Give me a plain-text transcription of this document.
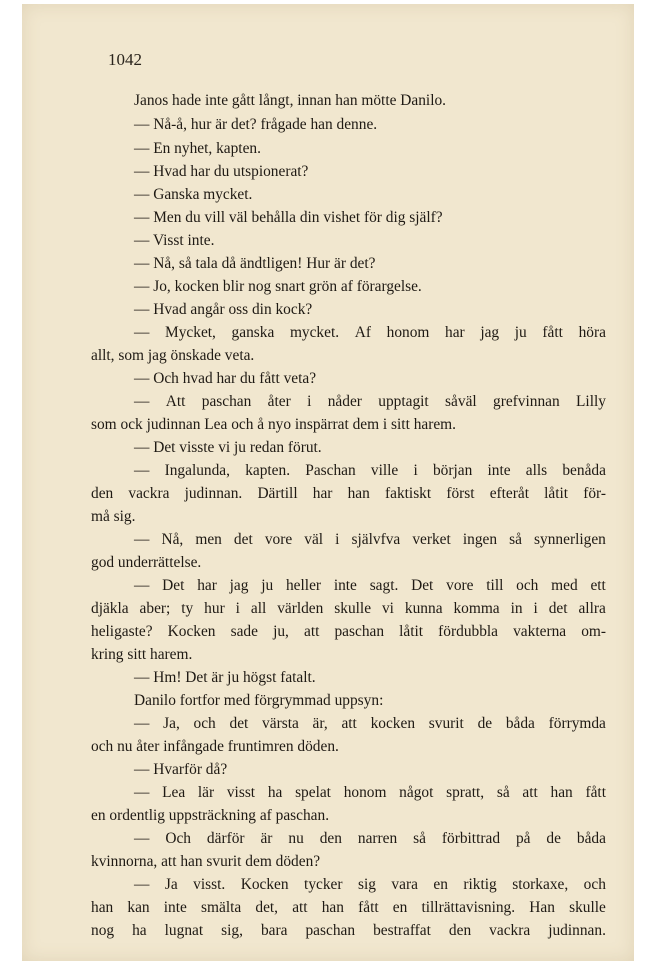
1042
Janos hade inte gått långt, innan han mötte Danilo.
— Nå-å, hur är det? frågade han denne.
— En nyhet, kapten.
— Hvad har du utspionerat?
— Ganska mycket.
— Men du vill väl behålla din vishet för dig själf?
— Visst inte.
— Nå, så tala då ändtligen! Hur är det?
— Jo, kocken blir nog snart grön af förargelse.
— Hvad angår oss din kock?
— Mycket, ganska mycket. Af honom har jag ju fått höra
allt, som jag önskade veta.
— Och hvad har du fått veta?
— Att paschan åter i nåder upptagit såväl grefvinnan Lilly
som ock judinnan Lea och å nyo inspärrat dem i sitt harem.
— Det visste vi ju redan förut.
— Ingalunda, kapten. Paschan ville i början inte alls benåda
den vackra judinnan. Därtill har han faktiskt först efteråt låtit för-
må sig.
— Nå, men det vore väl i självfva verket ingen så synnerligen
god underrättelse.
— Det har jag ju heller inte sagt. Det vore till och med ett
djäkla aber; ty hur i all världen skulle vi kunna komma in i det allra
heligaste? Kocken sade ju, att paschan låtit fördubbla vakterna om-
kring sitt harem.
— Hm! Det är ju högst fatalt.
Danilo fortfor med förgrymmad uppsyn:
— Ja, och det värsta är, att kocken svurit de båda förrymda
och nu åter infångade fruntimren döden.
— Hvarför då?
— Lea lär visst ha spelat honom något spratt, så att han fått
en ordentlig uppsträckning af paschan.
— Och därför är nu den narren så förbittrad på de båda
kvinnorna, att han svurit dem döden?
— Ja visst. Kocken tycker sig vara en riktig storkaxe, och
han kan inte smälta det, att han fått en tillrättavisning. Han skulle
nog ha lugnat sig, bara paschan bestraffat den vackra judinnan.
